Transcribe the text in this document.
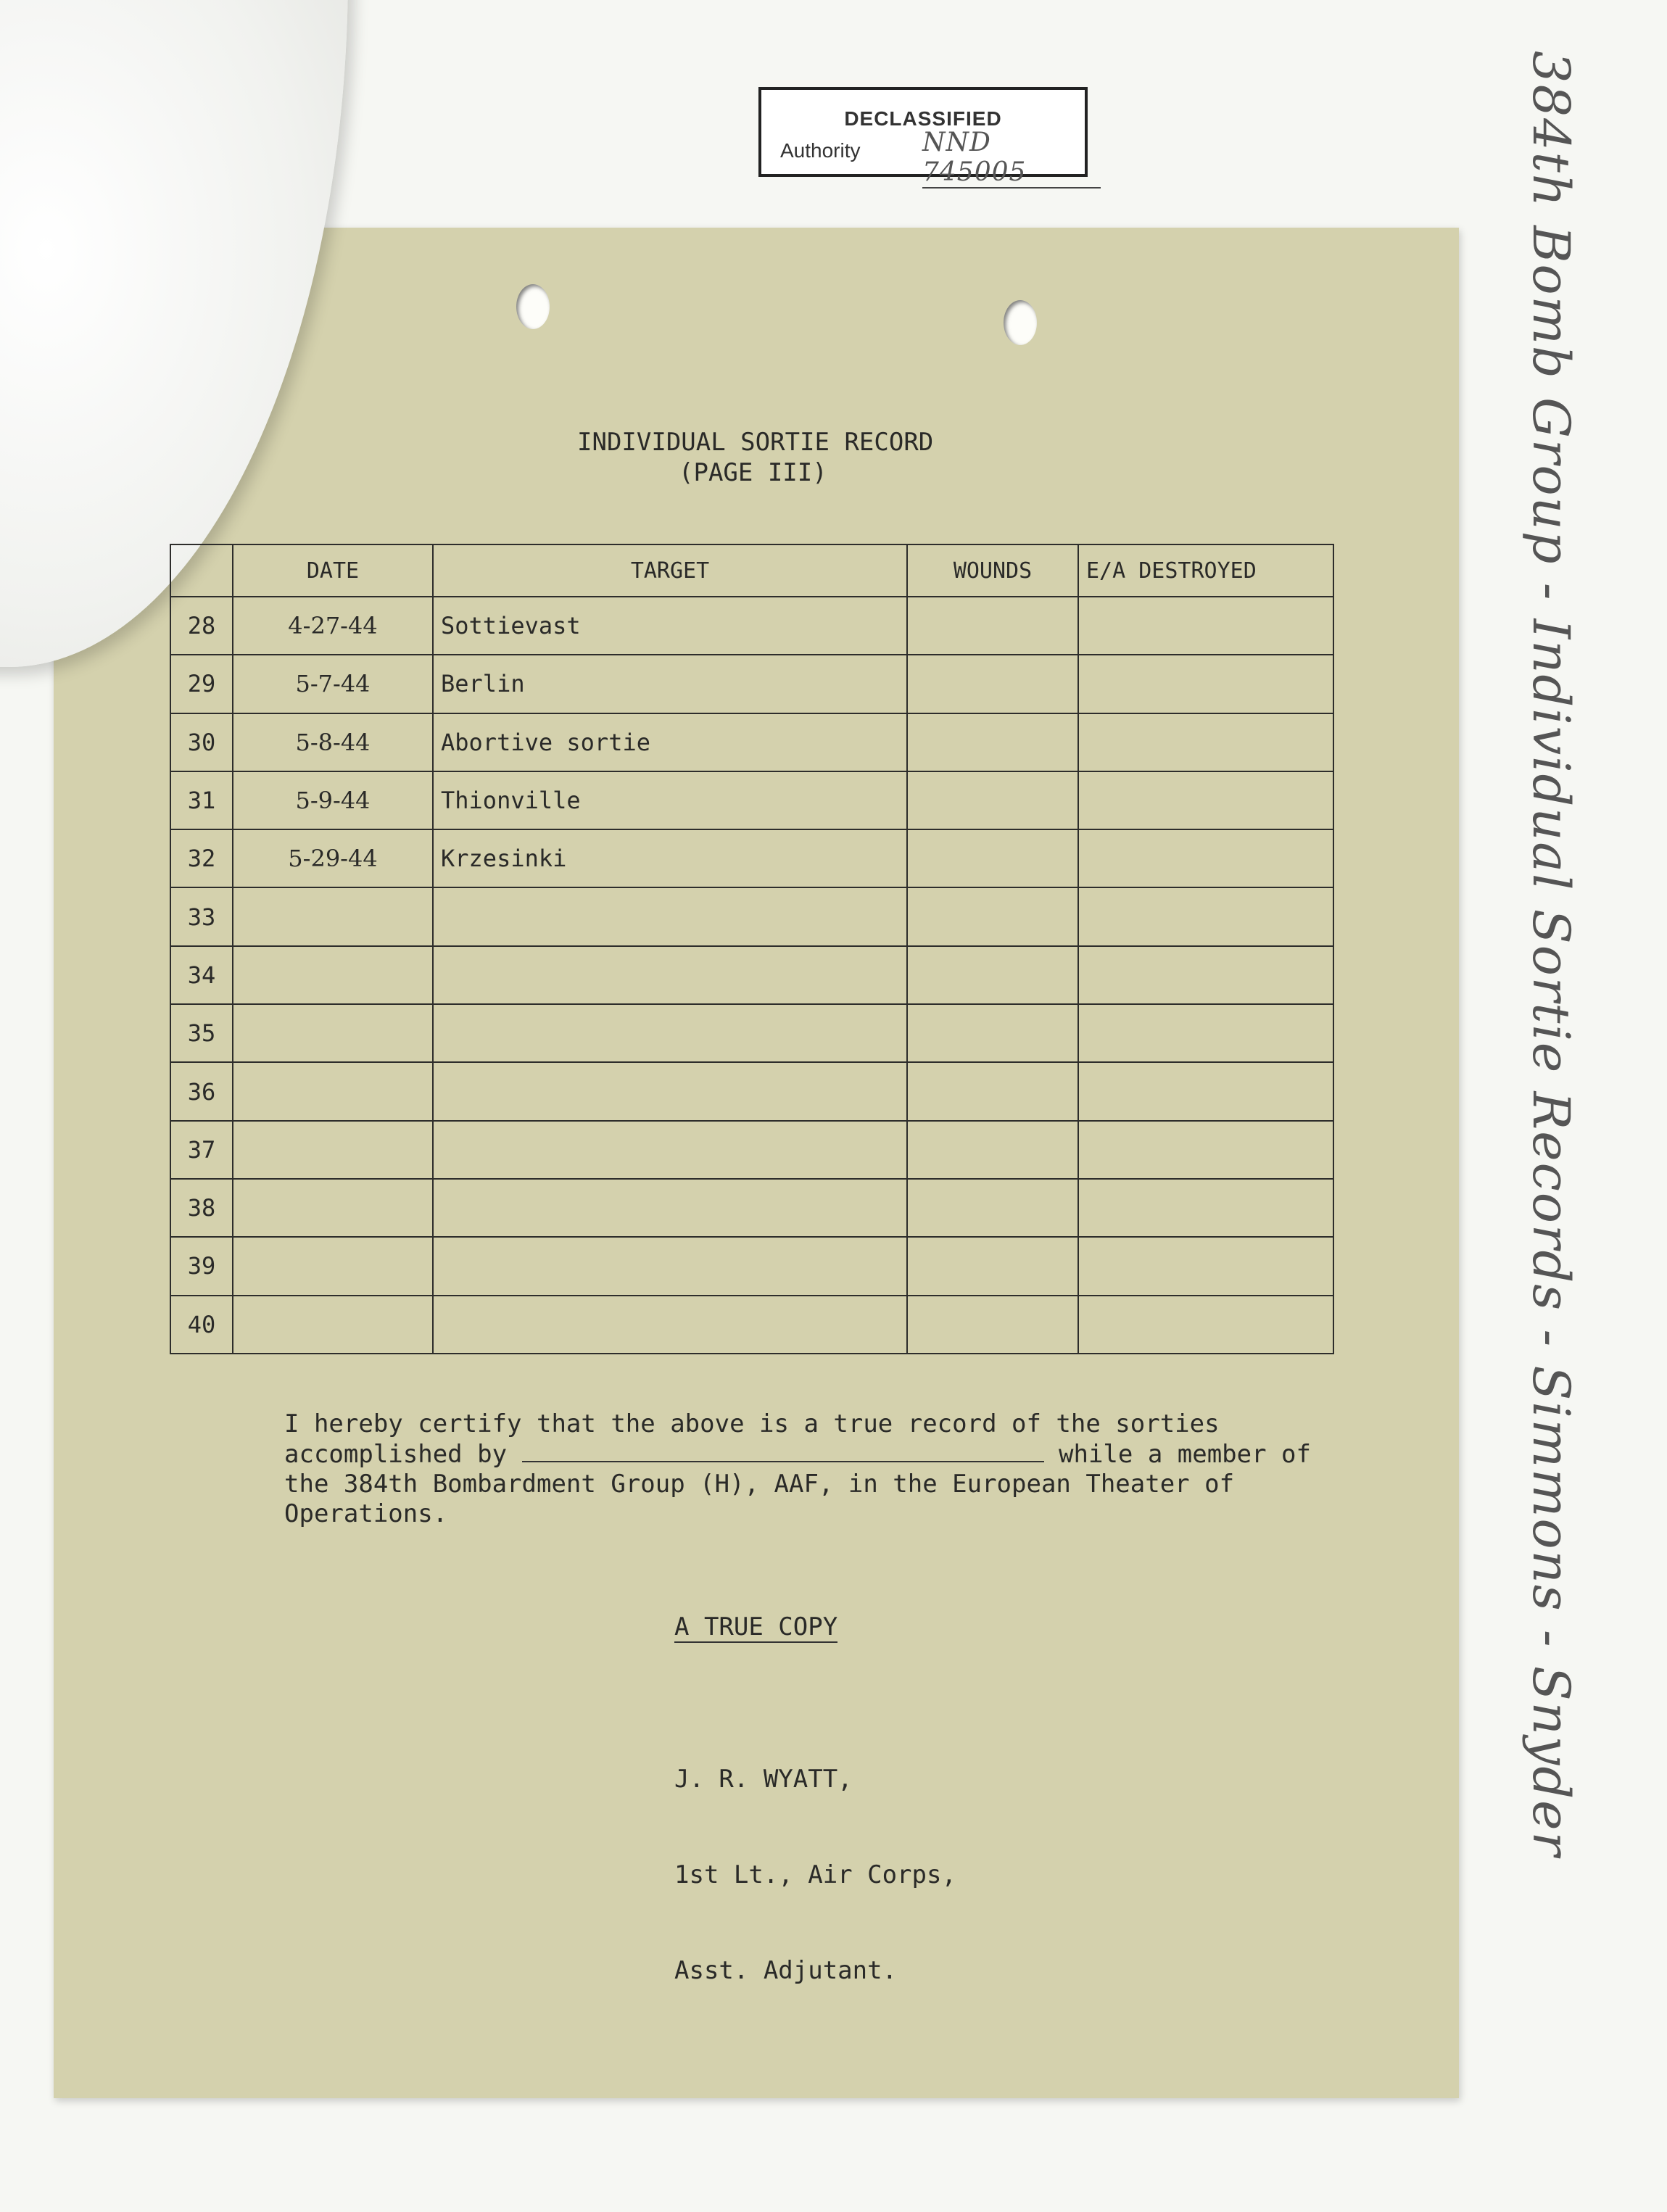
DECLASSIFIED
Authority NND 745005	384th Bomb Group - Individual Sortie Records - Simmons - Snyder
INDIVIDUAL SORTIE RECORD
(PAGE III)
	DATE	TARGET	WOUNDS	E/A DESTROYED
28	4-27-44	Sottievast		
29	5-7-44	Berlin		
30	5-8-44	Abortive sortie		
31	5-9-44	Thionville		
32	5-29-44	Krzesinki		
33				
34				
35				
36				
37				
38				
39				
40				
I hereby certify that the above is a true record of the sorties accomplished by	while a member of the 384th Bombardment Group (H), AAF, in the European Theater of Operations.
A TRUE COPY

J. R. WYATT,

1st Lt., Air Corps,

Asst. Adjutant.
